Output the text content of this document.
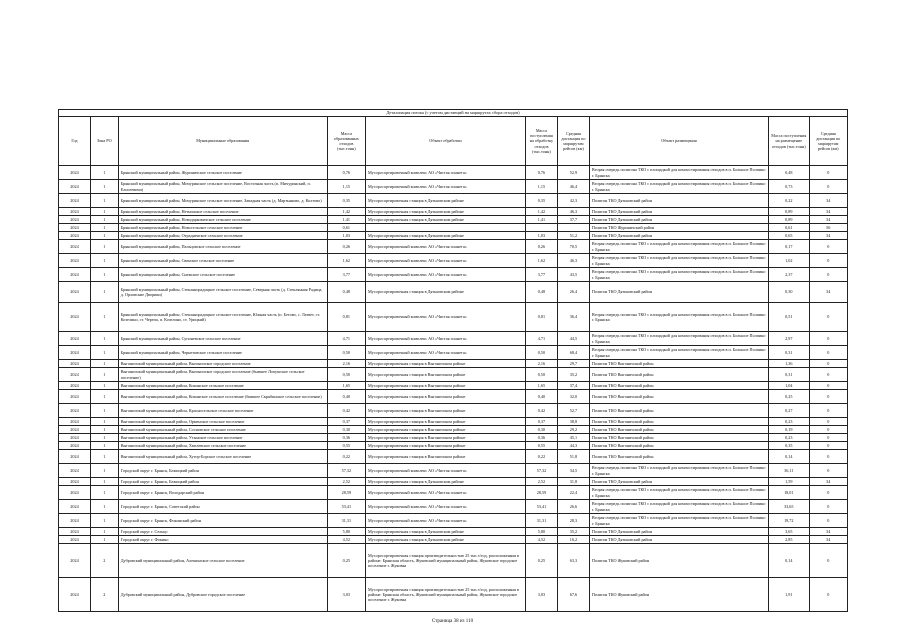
Детализация потока (с учетом дистанций на маршрутах сбора отходов)									
Год	Зона РО	Муниципальные образования	Масса образованных отходов (тыс.тонн)	Объект обработки	Масса поступления на обработку отходов (тыс.тонн)	Средняя дистанция по маршрутам рейсов (км)	Объект размещения	Масса поступления на размещение отходов (тыс.тонн)	Средняя дистанция по маршрутам рейсов (км)
2024	1	Брянский муниципальный район, Журиничское сельское поселение	0,76	Мусоросортировочный комплекс АО «Чистая планета»	0,76	52,9	Вторая очередь полигона ТКО с площадкой для компостирования отходов в п. Большое Полпино г. Брянска	0,48	0
2024	1	Брянский муниципальный район, Мичуринское сельское поселение, Восточная часть (п. Мичуринский, п. Елисеевичи)	1,15	Мусоросортировочный комплекс АО «Чистая планета»	1,15	46,4	Вторая очередь полигона ТКО с площадкой для компостирования отходов в п. Большое Полпино г. Брянска	0,73	0
2024	1	Брянский муниципальный район, Мичуринское сельское поселение, Западная часть (д. Мартьяново, д. Колтово)	0,35	Мусоросортировочная станция в Дятьковском районе	0,35	42,3	Полигон ТКО Дятьковский район	0,22	34
2024	1	Брянский муниципальный район, Нетьинское сельское поселение	1,42	Мусоросортировочная станция в Дятьковском районе	1,42	46,3	Полигон ТКО Дятьковский район	0,89	34
2024	1	Брянский муниципальный район, Новодарковичское сельское поселение	1,41	Мусоросортировочная станция в Дятьковском районе	1,41	37,7	Полигон ТКО Дятьковский район	0,89	34
2024	1	Брянский муниципальный район, Новосельское сельское поселение	0,61				Полигон ТКО Журиничский район	0,61	56
2024	1	Брянский муниципальный район, Отрадненское сельское поселение	1,03	Мусоросортировочная станция в Дятьковском районе	1,03	51,2	Полигон ТКО Дятьковский район	0,65	34
2024	1	Брянский муниципальный район, Пальцовское сельское поселение	0,26	Мусоросортировочный комплекс АО «Чистая планета»	0,26	70,5	Вторая очередь полигона ТКО с площадкой для компостирования отходов в п. Большое Полпино г. Брянска	0,17	0
2024	1	Брянский муниципальный район, Свенское сельское поселение	1,62	Мусоросортировочный комплекс АО «Чистая планета»	1,62	46,3	Вторая очередь полигона ТКО с площадкой для компостирования отходов в п. Большое Полпино г. Брянска	1,02	0
2024	1	Брянский муниципальный район, Снежское сельское поселение	3,77	Мусоросортировочный комплекс АО «Чистая планета»	3,77	43,5	Вторая очередь полигона ТКО с площадкой для компостирования отходов в п. Большое Полпино г. Брянска	2,37	0
2024	1	Брянский муниципальный район, Стеклянорадицкое сельское поселение, Северная часть (д. Стеклянная Радица, д. Орловские Дворики)	0,48	Мусоросортировочная станция в Дятьковском районе	0,48	26,4	Полигон ТКО Дятьковский район	0,30	34
2024	1	Брянский муниципальный район, Стеклянорадицкое сельское поселение, Южная часть (п. Бетово, с. Латвет, ст. Козелино, ст. Черепа, п. Козелино, ст. Урицкий)	0,81	Мусоросортировочный комплекс АО «Чистая планета»	0,81	36,4	Вторая очередь полигона ТКО с площадкой для компостирования отходов в п. Большое Полпино г. Брянска	0,51	0
2024	1	Брянский муниципальный район, Супоневское сельское поселение	4,71	Мусоросортировочный комплекс АО «Чистая планета»	4,71	44,5	Вторая очередь полигона ТКО с площадкой для компостирования отходов в п. Большое Полпино г. Брянска	2,97	0
2024	1	Брянский муниципальный район, Чернетовское сельское поселение	0,50	Мусоросортировочный комплекс АО «Чистая планета»	0,50	68,4	Вторая очередь полигона ТКО с площадкой для компостирования отходов в п. Большое Полпино г. Брянска	0,31	0
2024	1	Выгоничский муниципальный район, Выгоничское городское поселение	2,16	Мусоросортировочная станция в Выгоничском районе	2,16	29,7	Полигон ТКО Выгоничский район	1,36	0
2024	1	Выгоничский муниципальный район, Выгоничское городское поселение (бывшее Лопушское сельское поселение)	0,50	Мусоросортировочная станция в Выгоничском районе	0,50	35,2	Полигон ТКО Выгоничский район	0,31	0
2024	1	Выгоничский муниципальный район, Кокинское сельское поселение	1,65	Мусоросортировочная станция в Выгоничском районе	1,65	37,4	Полигон ТКО Выгоничский район	1,04	0
2024	1	Выгоничский муниципальный район, Кокинское сельское поселение (бывшее Скрябинское сельское поселение)	0,40	Мусоросортировочная станция в Выгоничском районе	0,40	32,0	Полигон ТКО Выгоничский район	0,25	0
2024	1	Выгоничский муниципальный район, Красносельское сельское поселение	0,42	Мусоросортировочная станция в Выгоничском районе	0,42	52,7	Полигон ТКО Выгоничский район	0,27	0
2024	1	Выгоничский муниципальный район, Орменское сельское поселение	0,37	Мусоросортировочная станция в Выгоничском районе	0,37	38,8	Полигон ТКО Выгоничский район	0,23	0
2024	1	Выгоничский муниципальный район, Сосновское сельское поселение	0,30	Мусоросортировочная станция в Выгоничском районе	0,30	29,2	Полигон ТКО Выгоничский район	0,19	0
2024	1	Выгоничский муниципальный район, Утынское сельское поселение	0,36	Мусоросортировочная станция в Выгоничском районе	0,36	45,1	Полигон ТКО Выгоничский район	0,23	0
2024	1	Выгоничский муниципальный район, Хмелевское сельское поселение	0,55	Мусоросортировочная станция в Выгоничском районе	0,55	44,3	Полигон ТКО Выгоничский район	0,35	0
2024	1	Выгоничский муниципальный район, Хутор-Борское сельское поселение	0,22	Мусоросортировочная станция в Выгоничском районе	0,22	51,8	Полигон ТКО Выгоничский район	0,14	0
2024	1	Городской округ г. Брянск, Бежицкий район	57,32	Мусоросортировочный комплекс АО «Чистая планета»	57,32	34,5	Вторая очередь полигона ТКО с площадкой для компостирования отходов в п. Большое Полпино г. Брянска	36,11	0
2024	1	Городской округ г. Брянск, Бежицкий район	2,52	Мусоросортировочная станция в Дятьковском районе	2,52	31,8	Полигон ТКО Дятьковский район	1,59	34
2024	1	Городской округ г. Брянск, Володарский район	28,59	Мусоросортировочный комплекс АО «Чистая планета»	28,59	22,4	Вторая очередь полигона ТКО с площадкой для компостирования отходов в п. Большое Полпино г. Брянска	18,01	0
2024	1	Городской округ г. Брянск, Советский район	53,41	Мусоросортировочный комплекс АО «Чистая планета»	53,41	26,6	Вторая очередь полигона ТКО с площадкой для компостирования отходов в п. Большое Полпино г. Брянска	33,65	0
2024	1	Городской округ г. Брянск, Фокинский район	31,31	Мусоросортировочный комплекс АО «Чистая планета»	31,31	28,3	Вторая очередь полигона ТКО с площадкой для компостирования отходов в п. Большое Полпино г. Брянска	19,72	0
2024	1	Городской округ г. Сельцо	5,80	Мусоросортировочная станция в Дятьковском районе	5,80	35,2	Полигон ТКО Дятьковский район	3,65	34
2024	1	Городской округ г. Фокино	4,52	Мусоросортировочная станция в Дятьковском районе	4,52	16,2	Полигон ТКО Дятьковский район	2,85	34
2024	2	Дубровский муниципальный район, Алешинское сельское поселение	0,25	Мусоросортировочная станция производительностью 25 тыс.т/год, расположенная в районе: Брянская область, Жуковский муниципальный район, Жуковское городское поселение г. Жуковка	0,25	63,3	Полигон ТКО Жуковский район	0,14	0
2024	2	Дубровский муниципальный район, Дубровское городское поселение	3,03	Мусоросортировочная станция производительностью 25 тыс.т/год, расположенная в районе: Брянская область, Жуковский муниципальный район, Жуковское городское поселение г. Жуковка	3,03	67,6	Полигон ТКО Жуковский район	1,91	0
Страница 38 из 110
